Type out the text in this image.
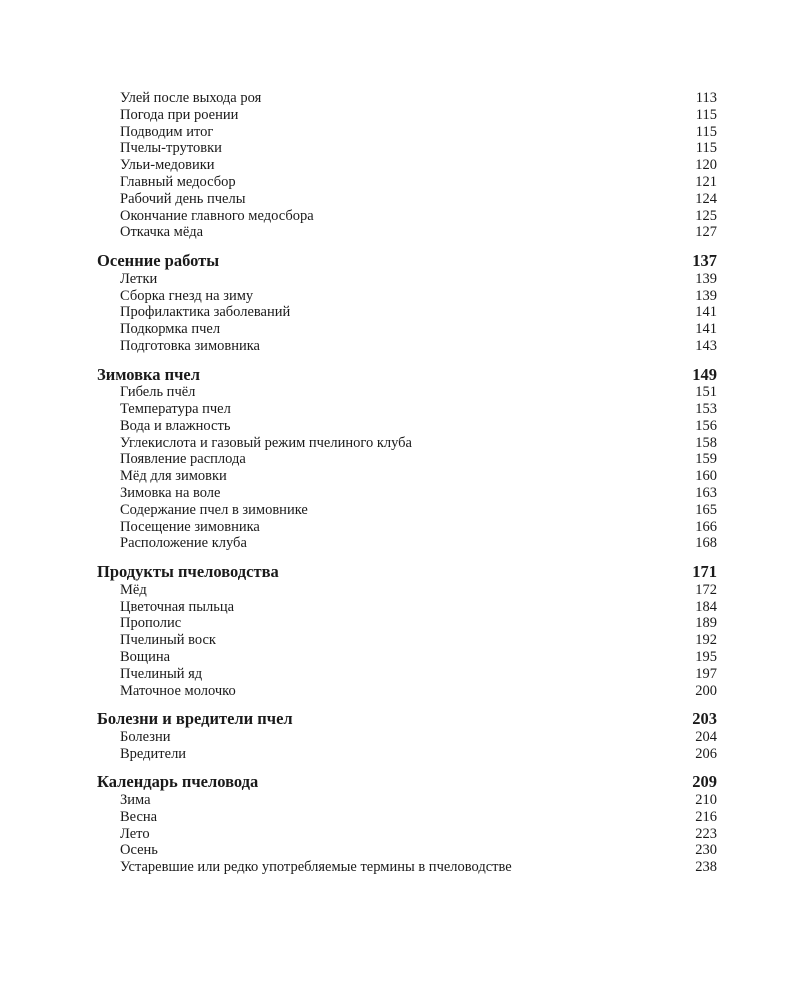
Улей после выхода роя	113
Погода при роении	115
Подводим итог	115
Пчелы-трутовки	115
Ульи-медовики	120
Главный медосбор	121
Рабочий день пчелы	124
Окончание главного медосбора	125
Откачка мёда	127
Осенние работы	137
Летки	139
Сборка гнезд на зиму	139
Профилактика заболеваний	141
Подкормка пчел	141
Подготовка зимовника	143
Зимовка пчел	149
Гибель пчёл	151
Температура пчел	153
Вода и влажность	156
Углекислота и газовый режим пчелиного клуба	158
Появление расплода	159
Мёд для зимовки	160
Зимовка на воле	163
Содержание пчел в зимовнике	165
Посещение зимовника	166
Расположение клуба	168
Продукты пчеловодства	171
Мёд	172
Цветочная пыльца	184
Прополис	189
Пчелиный воск	192
Вощина	195
Пчелиный яд	197
Маточное молочко	200
Болезни и вредители пчел	203
Болезни	204
Вредители	206
Календарь пчеловода	209
Зима	210
Весна	216
Лето	223
Осень	230
Устаревшие или редко употребляемые термины в пчеловодстве	238
